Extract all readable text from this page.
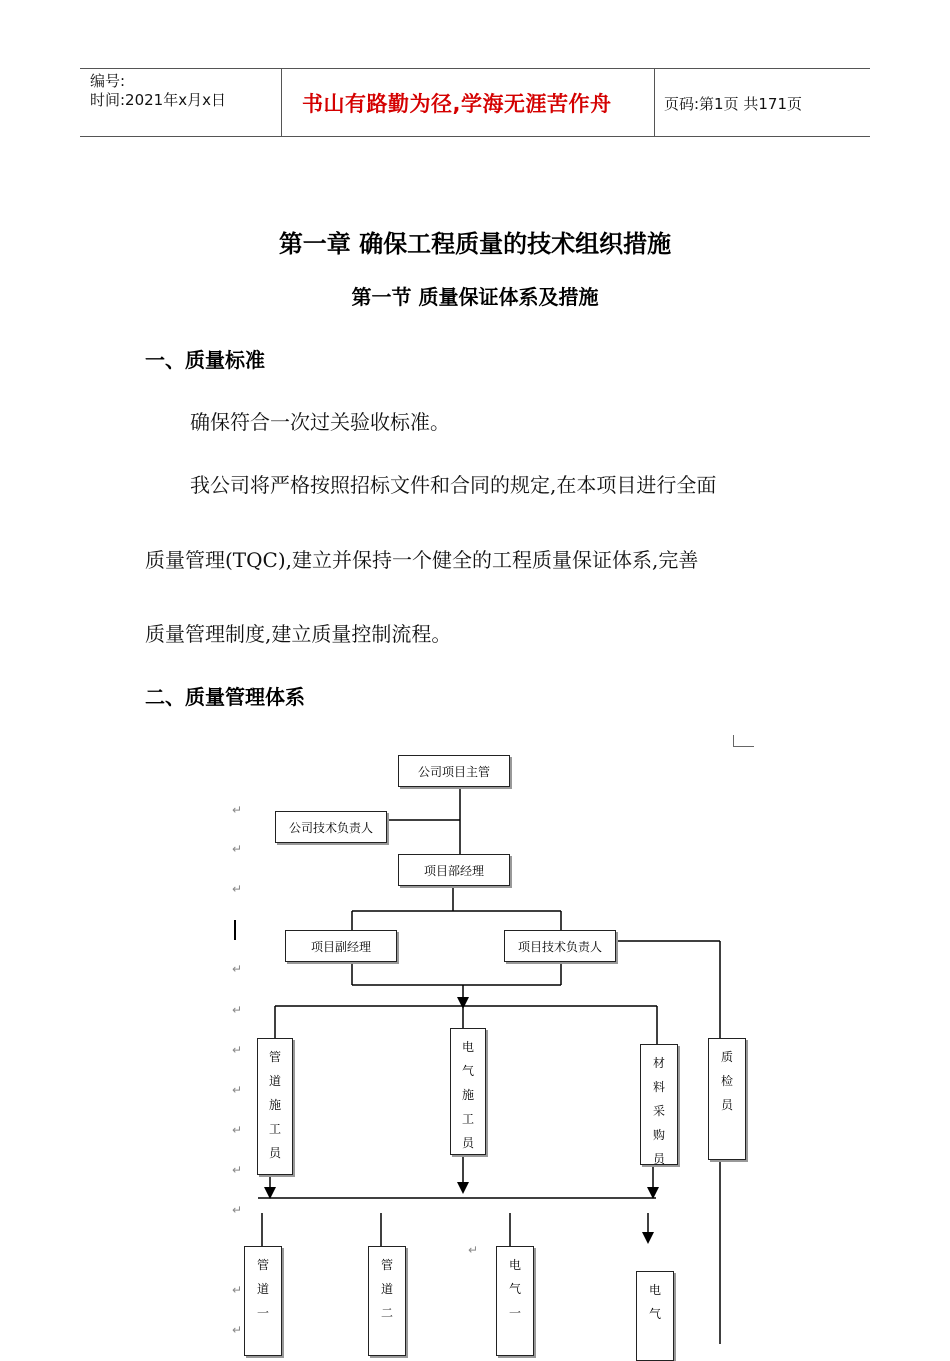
编号:
时间:2021年x月x日	书山有路勤为径,学海无涯苦作舟	页码:第1页 共171页
第一章 确保工程质量的技术组织措施
第一节 质量保证体系及措施
一、质量标准
确保符合一次过关验收标准。
我公司将严格按照招标文件和合同的规定,在本项目进行全面
质量管理(TQC),建立并保持一个健全的工程质量保证体系,完善
质量管理制度,建立质量控制流程。
二、质量管理体系
公司项目主管
公司技术负责人
项目部经理
项目副经理	项目技术负责人
管道施工员
电气施工员
材料采购员
质检员
管道一
管道二
电气一
电气
↵
↵
↵
↵
↵
↵
↵
↵
↵
↵
↵
↵
↵
